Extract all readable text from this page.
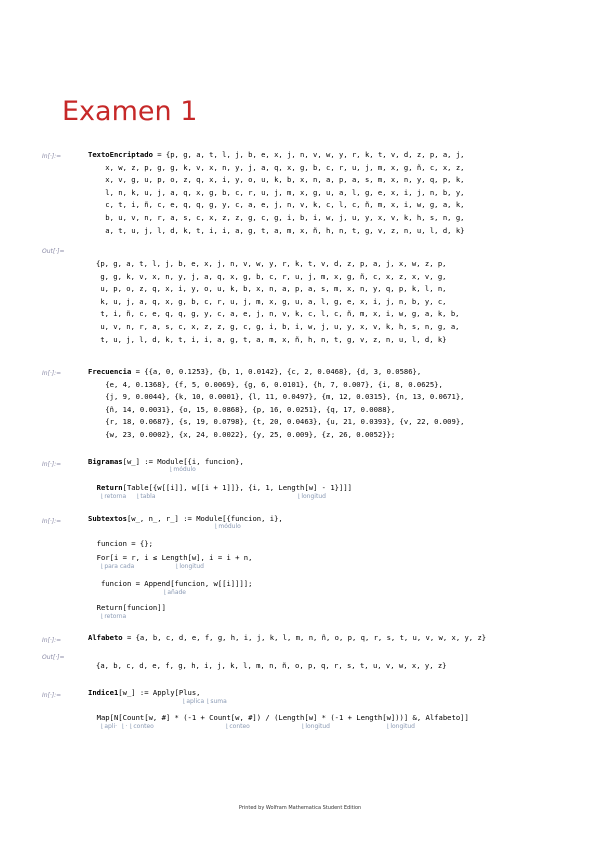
Examen 1
In[·]:=	TextoEncriptado = {p, g, a, t, l, j, b, e, x, j, n, v, w, y, r, k, t, v, d, z, p, a, j,
x, w, z, p, g, g, k, v, x, n, y, j, a, q, x, g, b, c, r, u, j, m, x, g, ñ, c, x, z,
x, v, g, u, p, o, z, q, x, i, y, o, u, k, b, x, n, a, p, a, s, m, x, n, y, q, p, k,
l, n, k, u, j, a, q, x, g, b, c, r, u, j, m, x, g, u, a, l, g, e, x, i, j, n, b, y,
c, t, i, ñ, c, e, q, q, g, y, c, a, e, j, n, v, k, c, l, c, ñ, m, x, i, w, g, a, k,
b, u, v, n, r, a, s, c, x, z, z, g, c, g, i, b, i, w, j, u, y, x, v, k, h, s, n, g,
a, t, u, j, l, d, k, t, i, i, a, g, t, a, m, x, ñ, h, n, t, g, v, z, n, u, l, d, k}
Out[·]=
{p, g, a, t, l, j, b, e, x, j, n, v, w, y, r, k, t, v, d, z, p, a, j, x, w, z, p,
g, g, k, v, x, n, y, j, a, q, x, g, b, c, r, u, j, m, x, g, ñ, c, x, z, x, v, g,
u, p, o, z, q, x, i, y, o, u, k, b, x, n, a, p, a, s, m, x, n, y, q, p, k, l, n,
k, u, j, a, q, x, g, b, c, r, u, j, m, x, g, u, a, l, g, e, x, i, j, n, b, y, c,
t, i, ñ, c, e, q, q, g, y, c, a, e, j, n, v, k, c, l, c, ñ, m, x, i, w, g, a, k, b,
u, v, n, r, a, s, c, x, z, z, g, c, g, i, b, i, w, j, u, y, x, v, k, h, s, n, g, a,
t, u, j, l, d, k, t, i, i, a, g, t, a, m, x, ñ, h, n, t, g, v, z, n, u, l, d, k}
In[·]:=	Frecuencia = {{a, 0, 0.1253}, {b, 1, 0.0142}, {c, 2, 0.0468}, {d, 3, 0.0586},
{e, 4, 0.1368}, {f, 5, 0.0069}, {g, 6, 0.0101}, {h, 7, 0.007}, {i, 8, 0.0625},
{j, 9, 0.0044}, {k, 10, 0.0001}, {l, 11, 0.0497}, {m, 12, 0.0315}, {n, 13, 0.0671},
{ñ, 14, 0.0031}, {o, 15, 0.0868}, {p, 16, 0.0251}, {q, 17, 0.0088},
{r, 18, 0.0687}, {s, 19, 0.0798}, {t, 20, 0.0463}, {u, 21, 0.0393}, {v, 22, 0.009},
{w, 23, 0.0002}, {x, 24, 0.0022}, {y, 25, 0.009}, {z, 26, 0.0052}};
In[·]:=	Bigramas[w_] := Module[{i, funcion},
⌊ módulo
Return[Table[{w[[i]], w[[i + 1]]}, {i, 1, Length[w] - 1}]]]
⌊ retorna	⌊ tabla	⌊ longitud
In[·]:=	Subtextos[w_, n_, r_] := Module[{funcion, i},
⌊ módulo
funcion = {};
For[i = r, i ≤ Length[w], i = i + n,
⌊ para cada	⌊ longitud
funcion = Append[funcion, w[[i]]]];
⌊ añade
Return[funcion]]
⌊ retorna
In[·]:=	Alfabeto = {a, b, c, d, e, f, g, h, i, j, k, l, m, n, ñ, o, p, q, r, s, t, u, v, w, x, y, z}
Out[·]=
{a, b, c, d, e, f, g, h, i, j, k, l, m, n, ñ, o, p, q, r, s, t, u, v, w, x, y, z}
In[·]:=	Indice1[w_] := Apply[Plus,
⌊ aplica	⌊ suma
Map[N[Count[w, #] * (-1 + Count[w, #]) / (Length[w] * (-1 + Length[w]))] &, Alfabeto]]
⌊ apli·	⌊ ·	⌊ conteo	⌊ conteo	⌊ longitud	⌊ longitud
Printed by Wolfram Mathematica Student Edition
